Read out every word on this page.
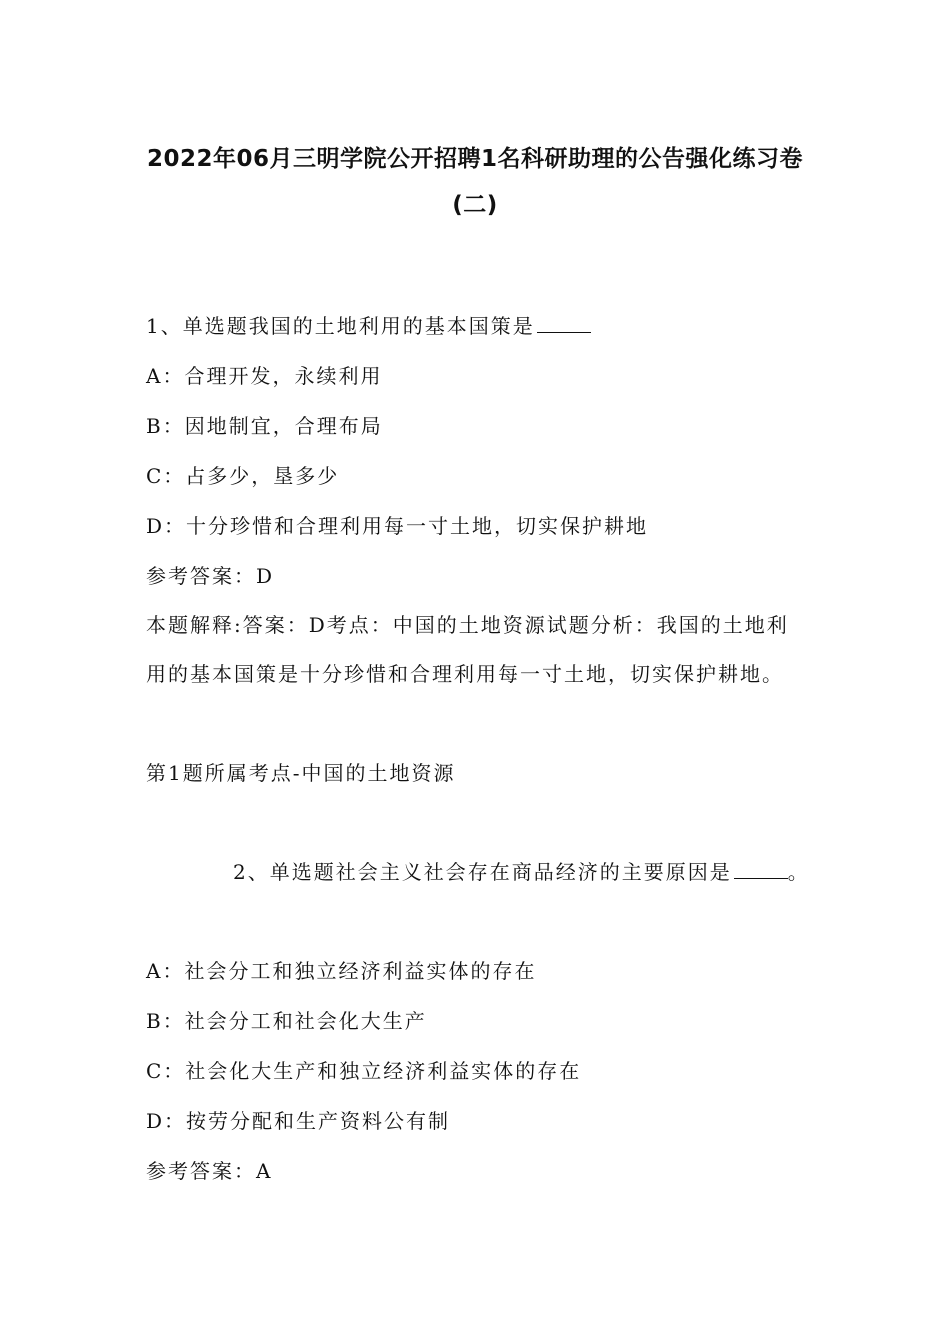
2022年06月三明学院公开招聘1名科研助理的公告强化练习卷
(二)
1、单选题我国的土地利用的基本国策是
A：合理开发，永续利用
B：因地制宜，合理布局
C：占多少，垦多少
D：十分珍惜和合理利用每一寸土地，切实保护耕地
参考答案：D
本题解释:答案：D考点：中国的土地资源试题分析：我国的土地利
用的基本国策是十分珍惜和合理利用每一寸土地，切实保护耕地。
第1题所属考点-中国的土地资源
2、单选题社会主义社会存在商品经济的主要原因是	。
A：社会分工和独立经济利益实体的存在
B：社会分工和社会化大生产
C：社会化大生产和独立经济利益实体的存在
D：按劳分配和生产资料公有制
参考答案：A
